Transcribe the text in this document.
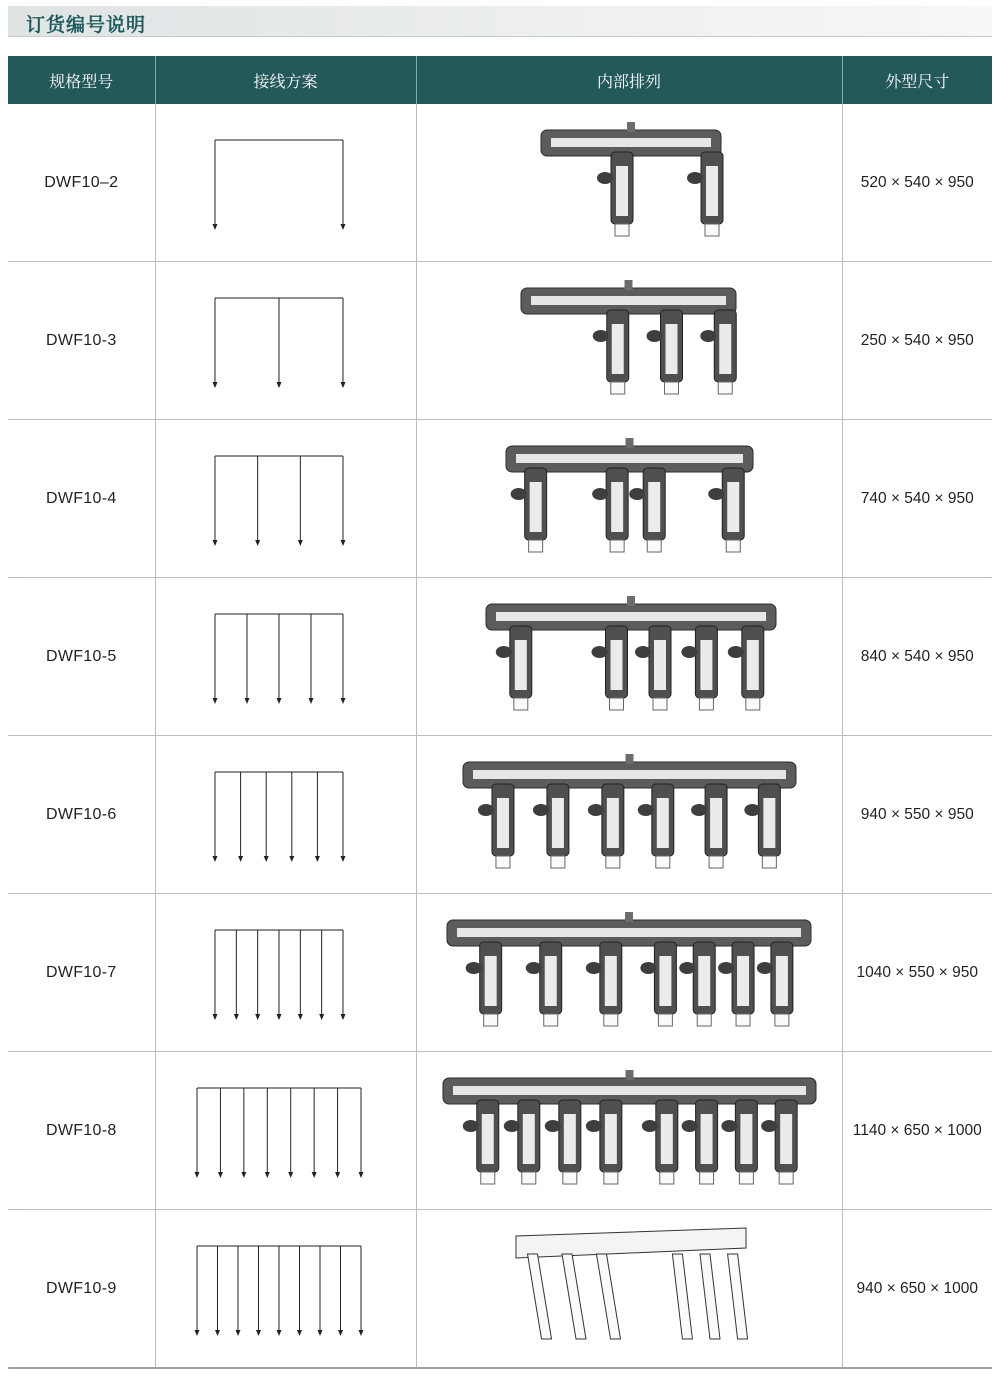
订货编号说明
规格型号	接线方案	内部排列	外型尺寸
DWF10–2			520 × 540 × 950
DWF10-3			250 × 540 × 950
DWF10-4			740 × 540 × 950
DWF10-5			840 × 540 × 950
DWF10-6			940 × 550 × 950
DWF10-7			1040 × 550 × 950
DWF10-8			1140 × 650 × 1000
DWF10-9			940 × 650 × 1000
